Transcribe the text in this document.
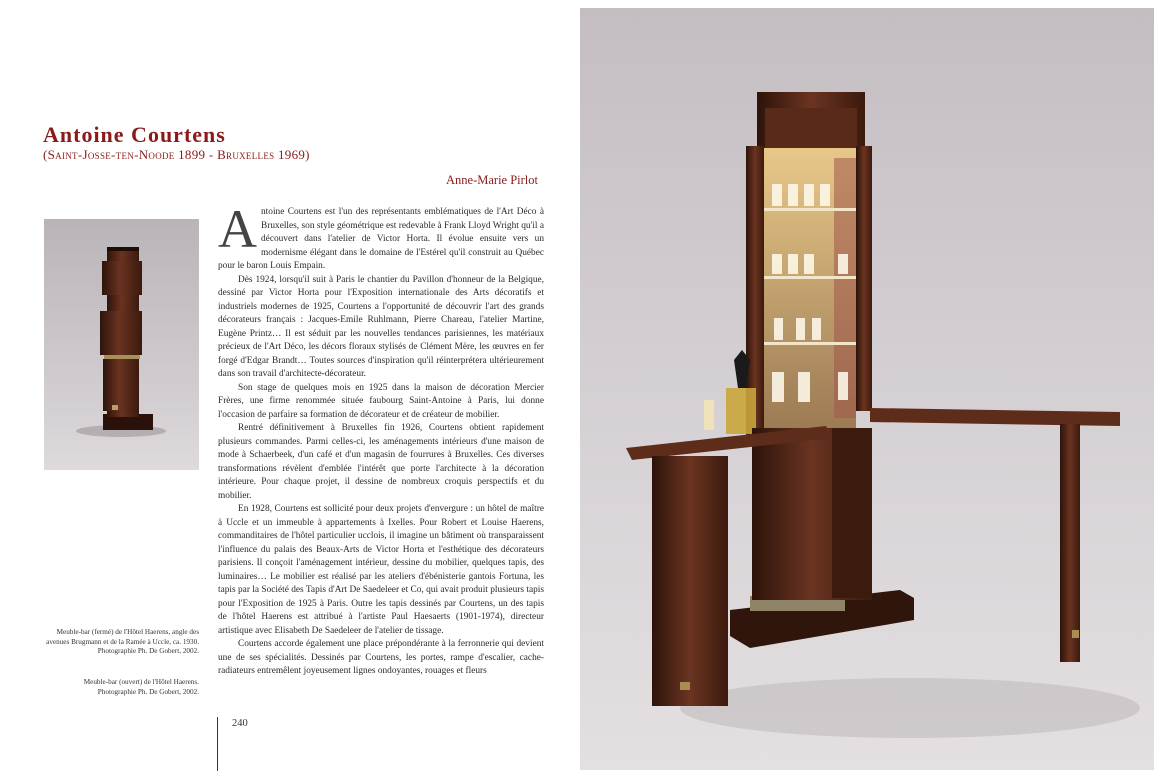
Antoine Courtens
(Saint-Josse-ten-Noode 1899 - Bruxelles 1969)
Anne-Marie Pirlot
Meuble-bar (fermé) de l'Hôtel Haerens, angle des avenues Brugmann et de la Ramée à Uccle, ca. 1930. Photographie Ph. De Gobert, 2002.
Meuble-bar (ouvert) de l'Hôtel Haerens. Photographie Ph. De Gobert, 2002.

Antoine Courtens est l'un des représentants emblématiques de l'Art Déco à Bruxelles, son style géométrique est redevable à Frank Lloyd Wright qu'il a découvert dans l'atelier de Victor Horta. Il évolue ensuite vers un modernisme élégant dans le domaine de l'Estérel qu'il construit au Québec pour le baron Louis Empain.

Dès 1924, lorsqu'il suit à Paris le chantier du Pavillon d'honneur de la Belgique, dessiné par Victor Horta pour l'Exposition internationale des Arts décoratifs et industriels modernes de 1925, Courtens a l'opportunité de découvrir l'art des grands décorateurs français : Jacques-Emile Ruhlmann, Pierre Chareau, l'atelier Martine, Eugène Printz… Il est séduit par les nouvelles tendances parisiennes, les matériaux précieux de l'Art Déco, les décors floraux stylisés de Clément Mère, les œuvres en fer forgé d'Edgar Brandt… Toutes sources d'inspiration qu'il réinterprétera ultérieurement dans son travail d'architecte-décorateur.

Son stage de quelques mois en 1925 dans la maison de décoration Mercier Frères, une firme renommée située faubourg Saint-Antoine à Paris, lui donne l'occasion de parfaire sa formation de décorateur et de créateur de mobilier.

Rentré définitivement à Bruxelles fin 1926, Courtens obtient rapidement plusieurs commandes. Parmi celles-ci, les aménagements intérieurs d'une maison de mode à Schaerbeek, d'un café et d'un magasin de fourrures à Bruxelles. Ces diverses transformations révèlent d'emblée l'intérêt que porte l'architecte à la décoration intérieure. Pour chaque projet, il dessine de nombreux croquis perspectifs et du mobilier.

En 1928, Courtens est sollicité pour deux projets d'envergure : un hôtel de maître à Uccle et un immeuble à appartements à Ixelles. Pour Robert et Louise Haerens, commanditaires de l'hôtel particulier ucclois, il imagine un bâtiment où transparaissent l'influence du palais des Beaux-Arts de Victor Horta et l'esthétique des décorateurs parisiens. Il conçoit l'aménagement intérieur, dessine du mobilier, quelques tapis, des luminaires… Le mobilier est réalisé par les ateliers d'ébénisterie gantois Fortuna, les tapis par la Société des Tapis d'Art De Saedeleer et Co, qui avait produit plusieurs tapis pour l'Exposition de 1925 à Paris. Outre les tapis dessinés par Courtens, un des tapis de l'hôtel Haerens est attribué à l'artiste Paul Haesaerts (1901-1974), directeur artistique avec Elisabeth De Saedeleer de l'atelier de tissage.

Courtens accorde également une place prépondérante à la ferronnerie qui devient une de ses spécialités. Dessinés par Courtens, les portes, rampe d'escalier, cache-radiateurs entremêlent joyeusement lignes ondoyantes, rouages et fleurs

240
